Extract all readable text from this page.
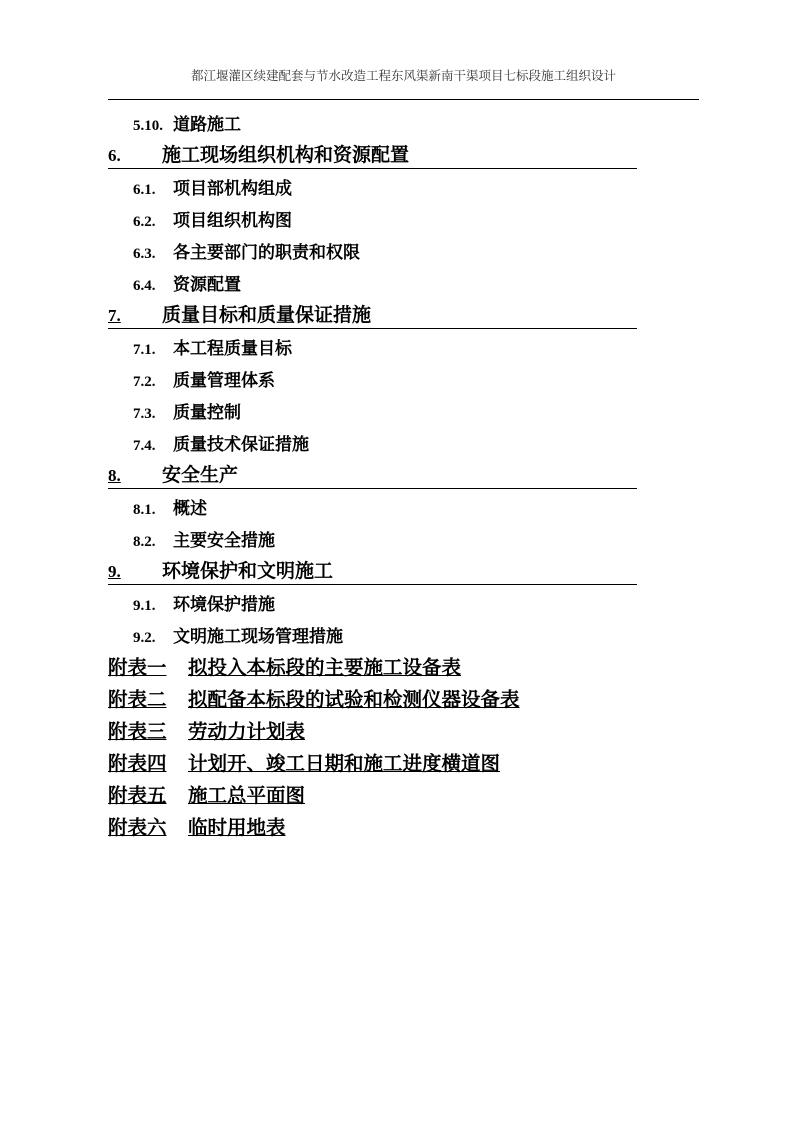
都江堰灌区续建配套与节水改造工程东风渠新南干渠项目七标段施工组织设计
5.10. 道路施工
6.	施工现场组织机构和资源配置
6.1.	项目部机构组成
6.2.	项目组织机构图
6.3.	各主要部门的职责和权限
6.4.	资源配置
7.	质量目标和质量保证措施
7.1.	本工程质量目标
7.2.	质量管理体系
7.3.	质量控制
7.4.	质量技术保证措施
8.	安全生产
8.1.	概述
8.2.	主要安全措施
9.	环境保护和文明施工
9.1.	环境保护措施
9.2.	文明施工现场管理措施
附表一	拟投入本标段的主要施工设备表
附表二	拟配备本标段的试验和检测仪器设备表
附表三	劳动力计划表
附表四	计划开、竣工日期和施工进度横道图
附表五	施工总平面图
附表六	临时用地表
